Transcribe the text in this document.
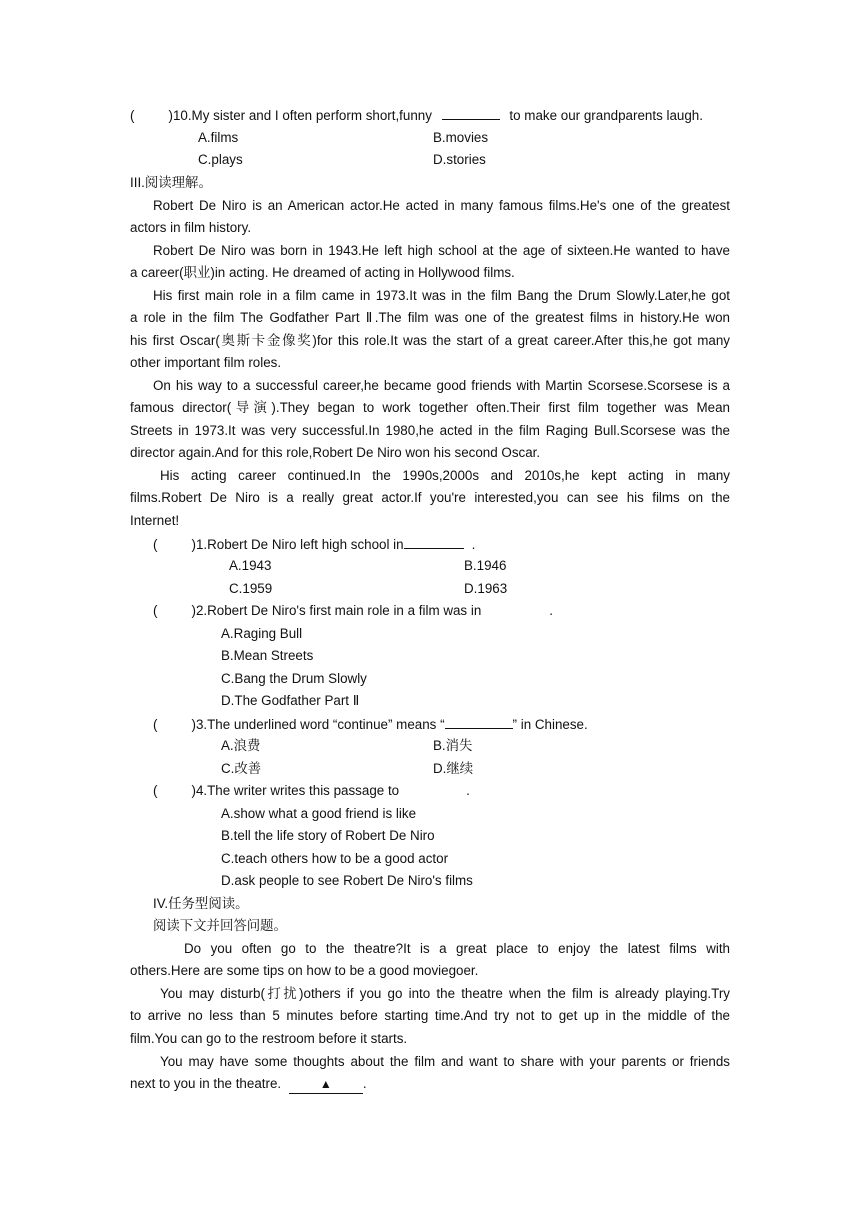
(	)10.My sister and I often perform short,funny	to make our grandparents laugh.
A.films	B.movies
C.plays	D.stories
III.阅读理解。
Robert De Niro is an American actor.He acted in many famous films.He's one of the greatest
actors in film history.
Robert De Niro was born in 1943.He left high school at the age of sixteen.He wanted to have
a career(职业)in acting. He dreamed of acting in Hollywood films.
His first main role in a film came in 1973.It was in the film Bang the Drum Slowly.Later,he got
a role in the film The Godfather Part Ⅱ.The film was one of the greatest films in history.He won
his first Oscar(奥斯卡金像奖)for this role.It was the start of a great career.After this,he got many
other important film roles.
On his way to a successful career,he became good friends with Martin Scorsese.Scorsese is a
famous director(导演).They began to work together often.Their first film together was Mean
Streets in 1973.It was very successful.In 1980,he acted in the film Raging Bull.Scorsese was the
director again.And for this role,Robert De Niro won his second Oscar.
His acting career continued.In the 1990s,2000s and 2010s,he kept acting in many
films.Robert De Niro is a really great actor.If you're interested,you can see his films on the
Internet!
(	)1.Robert De Niro left high school in	.
A.1943	B.1946
C.1959	D.1963
(	)2.Robert De Niro's first main role in a film was in	.
A.Raging Bull
B.Mean Streets
C.Bang the Drum Slowly
D.The Godfather Part Ⅱ
(	)3.The underlined word “continue” means “	” in Chinese.
A.浪费	B.消失
C.改善	D.继续
(	)4.The writer writes this passage to	.
A.show what a good friend is like
B.tell the life story of Robert De Niro
C.teach others how to be a good actor
D.ask people to see Robert De Niro's films
IV.任务型阅读。
阅读下文并回答问题。
Do you often go to the theatre?It is a great place to enjoy the latest films with
others.Here are some tips on how to be a good moviegoer.
You may disturb(打扰)others if you go into the theatre when the film is already playing.Try
to arrive no less than 5 minutes before starting time.And try not to get up in the middle of the
film.You can go to the restroom before it starts.
You may have some thoughts about the film and want to share with your parents or friends
next to you in the theatre.	▲ .
